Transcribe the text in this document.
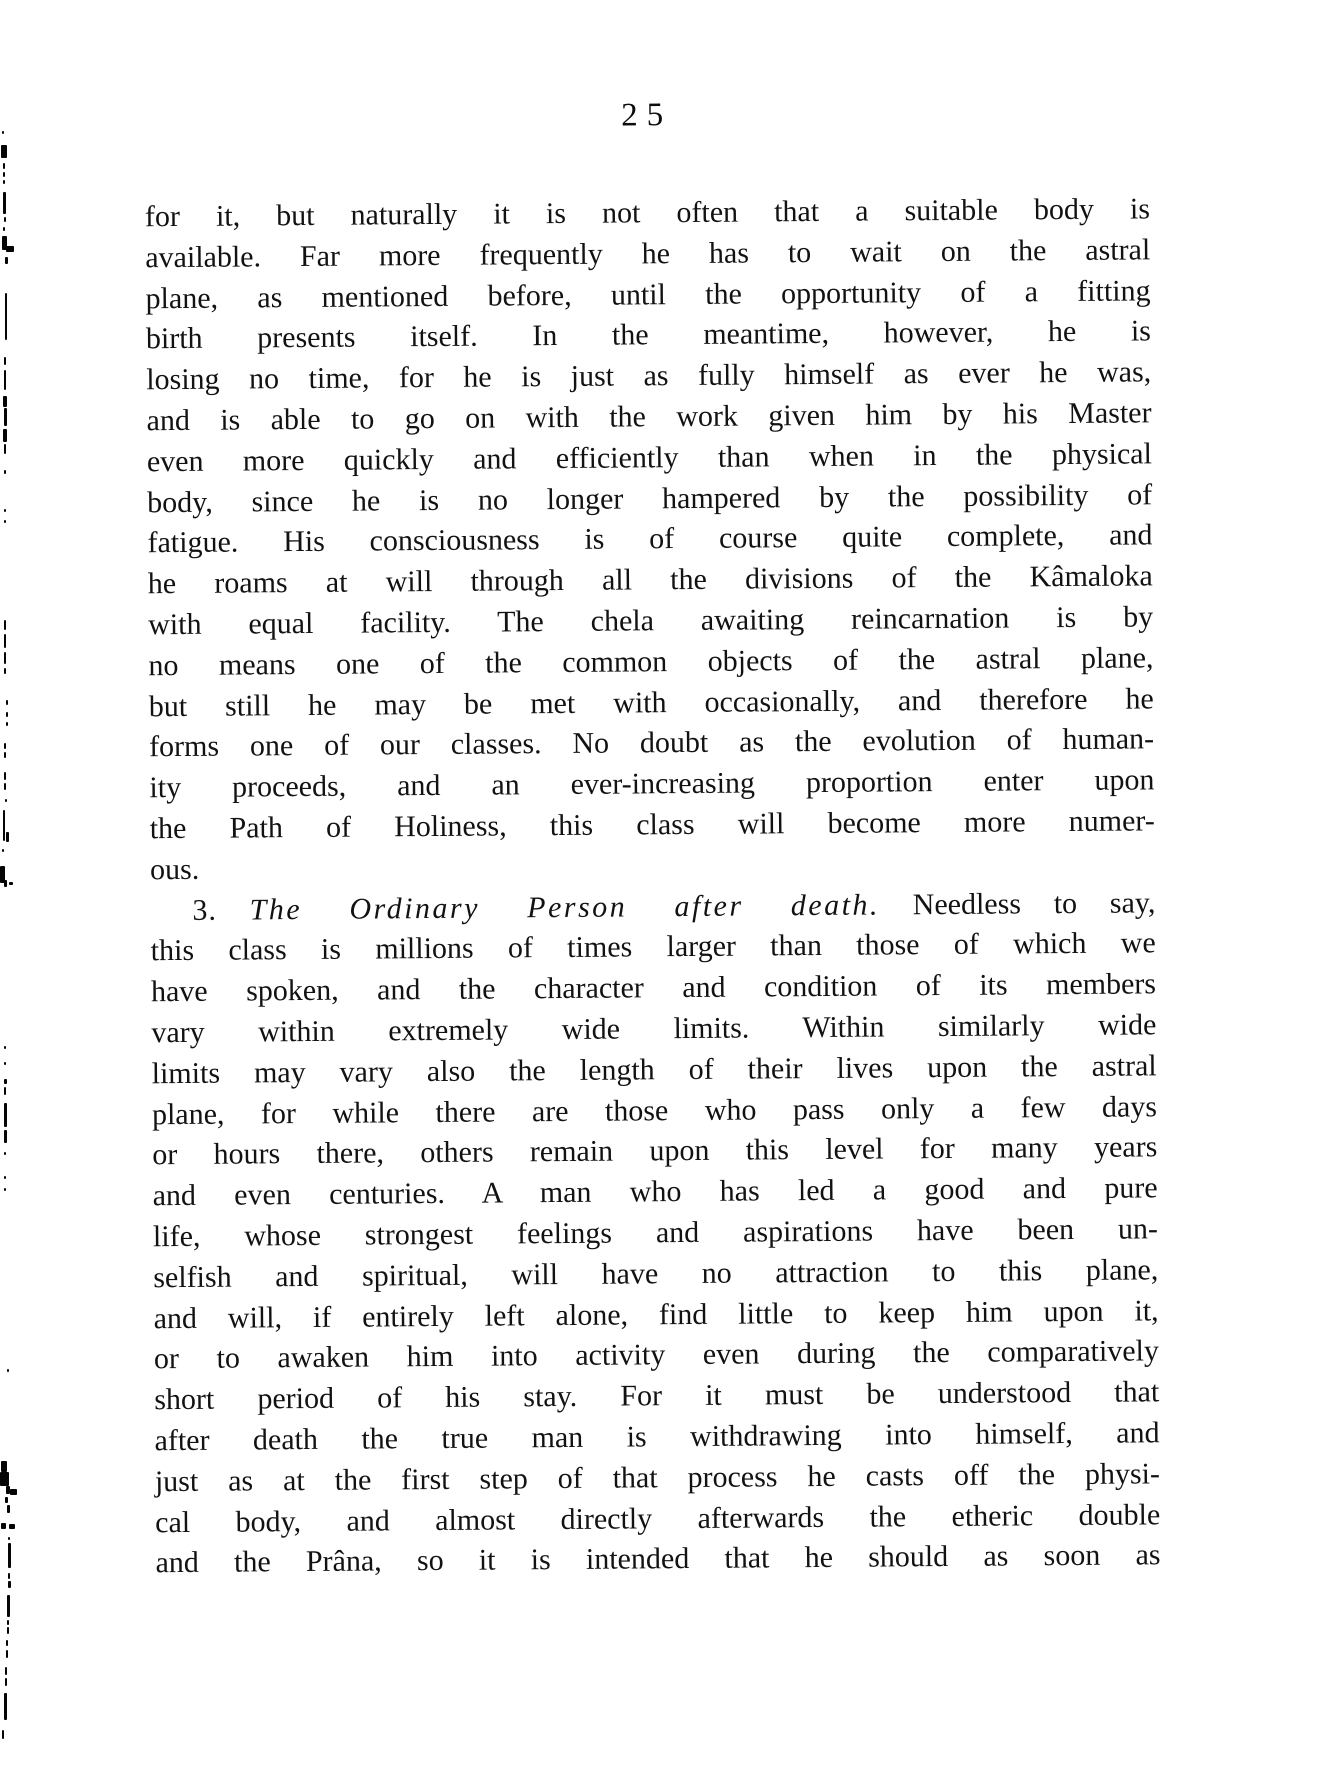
25
for it, but naturally it is not often that a suitable body is
available. Far more frequently he has to wait on the astral
plane, as mentioned before, until the opportunity of a fitting
birth presents itself. In the meantime, however, he is
losing no time, for he is just as fully himself as ever he was,
and is able to go on with the work given him by his Master
even more quickly and efficiently than when in the physical
body, since he is no longer hampered by the possibility of
fatigue. His consciousness is of course quite complete, and
he roams at will through all the divisions of the Kâmaloka
with equal facility. The chela awaiting reincarnation is by
no means one of the common objects of the astral plane,
but still he may be met with occasionally, and therefore he
forms one of our classes. No doubt as the evolution of human-
ity proceeds, and an ever-increasing proportion enter upon
the Path of Holiness, this class will become more numer-
ous.
3. The Ordinary Person after death. Needless to say,
this class is millions of times larger than those of which we
have spoken, and the character and condition of its members
vary within extremely wide limits. Within similarly wide
limits may vary also the length of their lives upon the astral
plane, for while there are those who pass only a few days
or hours there, others remain upon this level for many years
and even centuries. A man who has led a good and pure
life, whose strongest feelings and aspirations have been un-
selfish and spiritual, will have no attraction to this plane,
and will, if entirely left alone, find little to keep him upon it,
or to awaken him into activity even during the comparatively
short period of his stay. For it must be understood that
after death the true man is withdrawing into himself, and
just as at the first step of that process he casts off the physi-
cal body, and almost directly afterwards the etheric double
and the Prâna, so it is intended that he should as soon as
